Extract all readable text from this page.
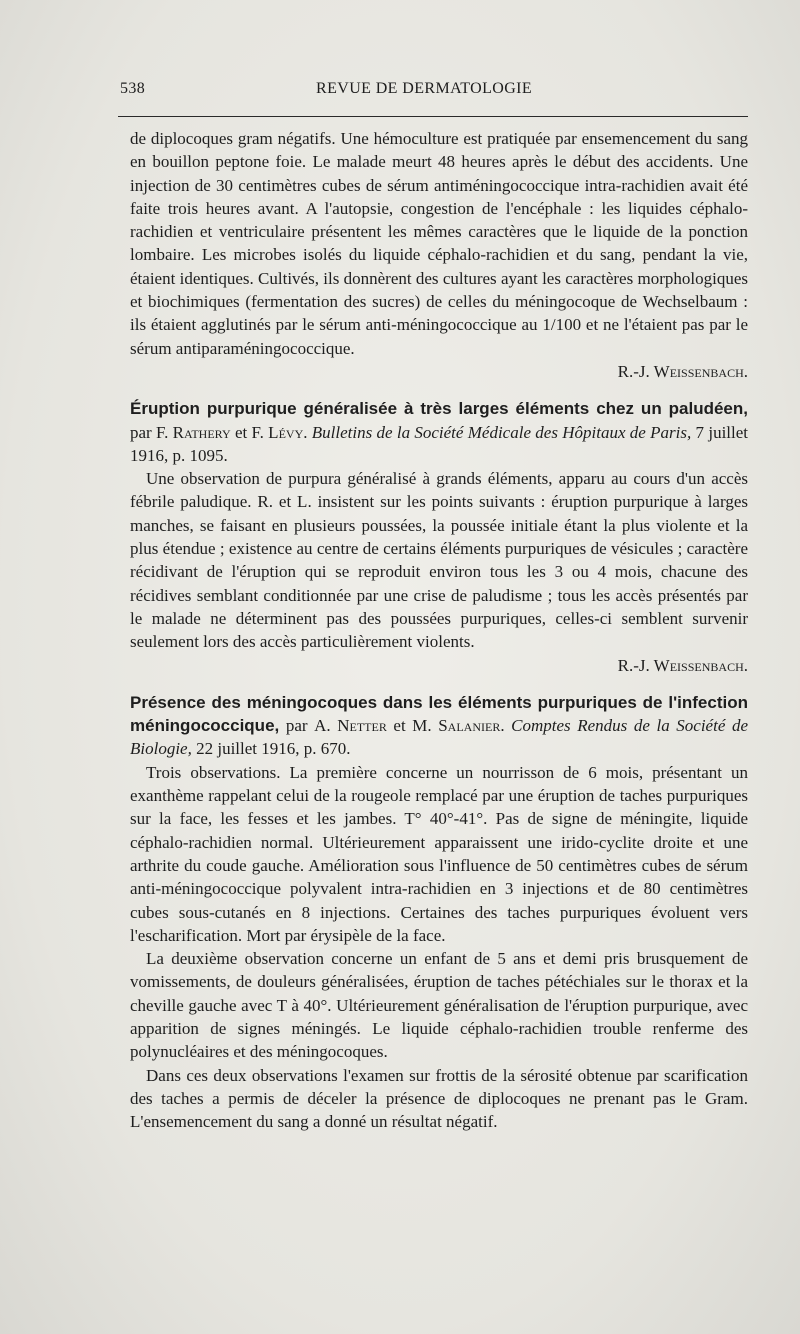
538	REVUE DE DERMATOLOGIE

de diplocoques gram négatifs. Une hémoculture est pratiquée par ensemencement du sang en bouillon peptone foie. Le malade meurt 48 heures après le début des accidents. Une injection de 30 centimètres cubes de sérum antiméningococcique intra-rachidien avait été faite trois heures avant. A l'autopsie, congestion de l'encéphale : les liquides céphalo-rachidien et ventriculaire présentent les mêmes caractères que le liquide de la ponction lombaire. Les microbes isolés du liquide céphalo-rachidien et du sang, pendant la vie, étaient identiques. Cultivés, ils donnèrent des cultures ayant les caractères morphologiques et biochimiques (fermentation des sucres) de celles du méningocoque de Wechselbaum : ils étaient agglutinés par le sérum anti-méningococcique au 1/100 et ne l'étaient pas par le sérum antiparaméningococcique.
R.-J. Weissenbach.

Éruption purpurique généralisée à très larges éléments chez un paludéen, par F. Rathery et F. Lévy. Bulletins de la Société Médicale des Hôpitaux de Paris, 7 juillet 1916, p. 1095.

Une observation de purpura généralisé à grands éléments, apparu au cours d'un accès fébrile paludique. R. et L. insistent sur les points suivants : éruption purpurique à larges manches, se faisant en plusieurs poussées, la poussée initiale étant la plus violente et la plus étendue ; existence au centre de certains éléments purpuriques de vésicules ; caractère récidivant de l'éruption qui se reproduit environ tous les 3 ou 4 mois, chacune des récidives semblant conditionnée par une crise de paludisme ; tous les accès présentés par le malade ne déterminent pas des poussées purpuriques, celles-ci semblent survenir seulement lors des accès particulièrement violents.
R.-J. Weissenbach.

Présence des méningocoques dans les éléments purpuriques de l'infection méningococcique, par A. Netter et M. Salanier. Comptes Rendus de la Société de Biologie, 22 juillet 1916, p. 670.

Trois observations. La première concerne un nourrisson de 6 mois, présentant un exanthème rappelant celui de la rougeole remplacé par une éruption de taches purpuriques sur la face, les fesses et les jambes. T° 40°-41°. Pas de signe de méningite, liquide céphalo-rachidien normal. Ultérieurement apparaissent une irido-cyclite droite et une arthrite du coude gauche. Amélioration sous l'influence de 50 centimètres cubes de sérum anti-méningococcique polyvalent intra-rachidien en 3 injections et de 80 centimètres cubes sous-cutanés en 8 injections. Certaines des taches purpuriques évoluent vers l'escharification. Mort par érysipèle de la face.

La deuxième observation concerne un enfant de 5 ans et demi pris brusquement de vomissements, de douleurs généralisées, éruption de taches pétéchiales sur le thorax et la cheville gauche avec T à 40°. Ultérieurement généralisation de l'éruption purpurique, avec apparition de signes méningés. Le liquide céphalo-rachidien trouble renferme des polynucléaires et des méningocoques.

Dans ces deux observations l'examen sur frottis de la sérosité obtenue par scarification des taches a permis de déceler la présence de diplocoques ne prenant pas le Gram. L'ensemencement du sang a donné un résultat négatif.
